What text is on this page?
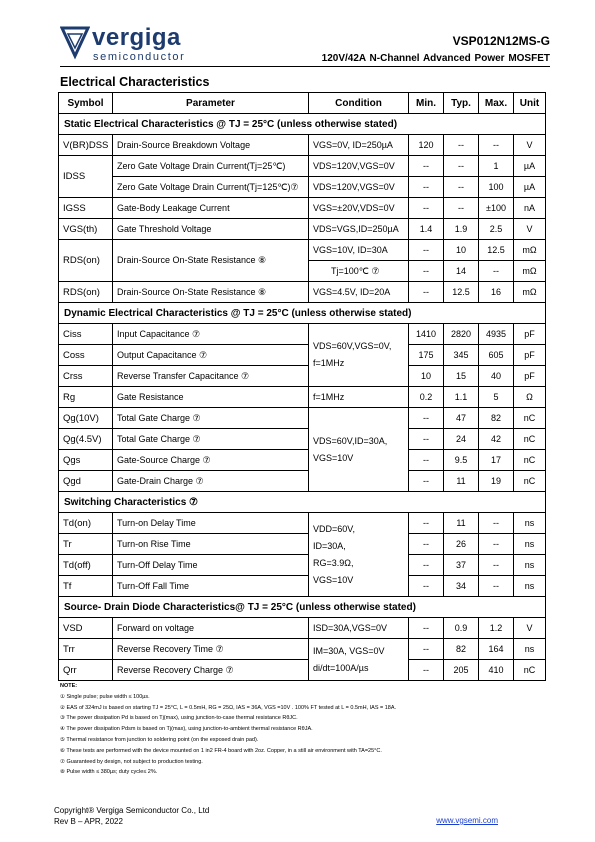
vergiga
semiconductor
VSP012N12MS-G
120V/42A N-Channel Advanced Power MOSFET
Electrical Characteristics
Symbol	Parameter	Condition	Min.	Typ.	Max.	Unit
Static Electrical Characteristics @ TJ = 25°C (unless otherwise stated)						
V(BR)DSS	Drain-Source Breakdown Voltage	VGS=0V, ID=250µA	120	--	--	V
IDSS	Zero Gate Voltage Drain Current(Tj=25℃)	VDS=120V,VGS=0V	--	--	1	µA
	Zero Gate Voltage Drain Current(Tj=125℃)⑦	VDS=120V,VGS=0V	--	--	100	µA
IGSS	Gate-Body Leakage Current	VGS=±20V,VDS=0V	--	--	±100	nA
VGS(th)	Gate Threshold Voltage	VDS=VGS,ID=250µA	1.4	1.9	2.5	V
RDS(on)	Drain-Source On-State Resistance ⑧	VGS=10V, ID=30A	--	10	12.5	mΩ
		Tj=100℃ ⑦	--	14	--	mΩ
RDS(on)	Drain-Source On-State Resistance ⑧	VGS=4.5V, ID=20A	--	12.5	16	mΩ
Dynamic Electrical Characteristics @ TJ = 25°C (unless otherwise stated)						
Ciss	Input Capacitance ⑦	VDS=60V,VGS=0V,
f=1MHz	1410	2820	4935	pF
Coss	Output Capacitance ⑦		175	345	605	pF
Crss	Reverse Transfer Capacitance ⑦		10	15	40	pF
Rg	Gate Resistance	f=1MHz	0.2	1.1	5	Ω
Qg(10V)	Total Gate Charge ⑦	VDS=60V,ID=30A,
VGS=10V	--	47	82	nC
Qg(4.5V)	Total Gate Charge ⑦		--	24	42	nC
Qgs	Gate-Source Charge ⑦		--	9.5	17	nC
Qgd	Gate-Drain Charge ⑦		--	11	19	nC
Switching Characteristics ⑦						
Td(on)	Turn-on Delay Time	VDD=60V,
ID=30A,
RG=3.9Ω,
VGS=10V	--	11	--	ns
Tr	Turn-on Rise Time		--	26	--	ns
Td(off)	Turn-Off Delay Time		--	37	--	ns
Tf	Turn-Off Fall Time		--	34	--	ns
Source- Drain Diode Characteristics@ TJ = 25°C (unless otherwise stated)						
VSD	Forward on voltage	ISD=30A,VGS=0V	--	0.9	1.2	V
Trr	Reverse Recovery Time ⑦	IM=30A, VGS=0V
di/dt=100A/µs	--	82	164	ns
Qrr	Reverse Recovery Charge ⑦		--	205	410	nC
NOTE:
① Single pulse; pulse width ≤ 100µs.
② EAS of 324mJ is based on starting TJ = 25°C, L = 0.5mH, RG = 25Ω, IAS = 36A, VGS =10V . 100% FT tested at L = 0.5mH, IAS = 18A.
③ The power dissipation Pd is based on Tj(max), using junction-to-case thermal resistance RθJC.
④ The power dissipation Pdsm is based on Tj(max), using junction-to-ambient thermal resistance RθJA.
⑤ Thermal resistance from junction to soldering point (on the exposed drain pad).
⑥ These tests are performed with the device mounted on 1 in2 FR-4 board with 2oz. Copper, in a still air environment with TA=25°C.
⑦ Guaranteed by design, not subject to production testing.
⑧ Pulse width ≤ 380µs; duty cycle≤ 2%.
Copyright® Vergiga Semiconductor Co., Ltd
Rev B – APR, 2022	www.vgsemi.com
